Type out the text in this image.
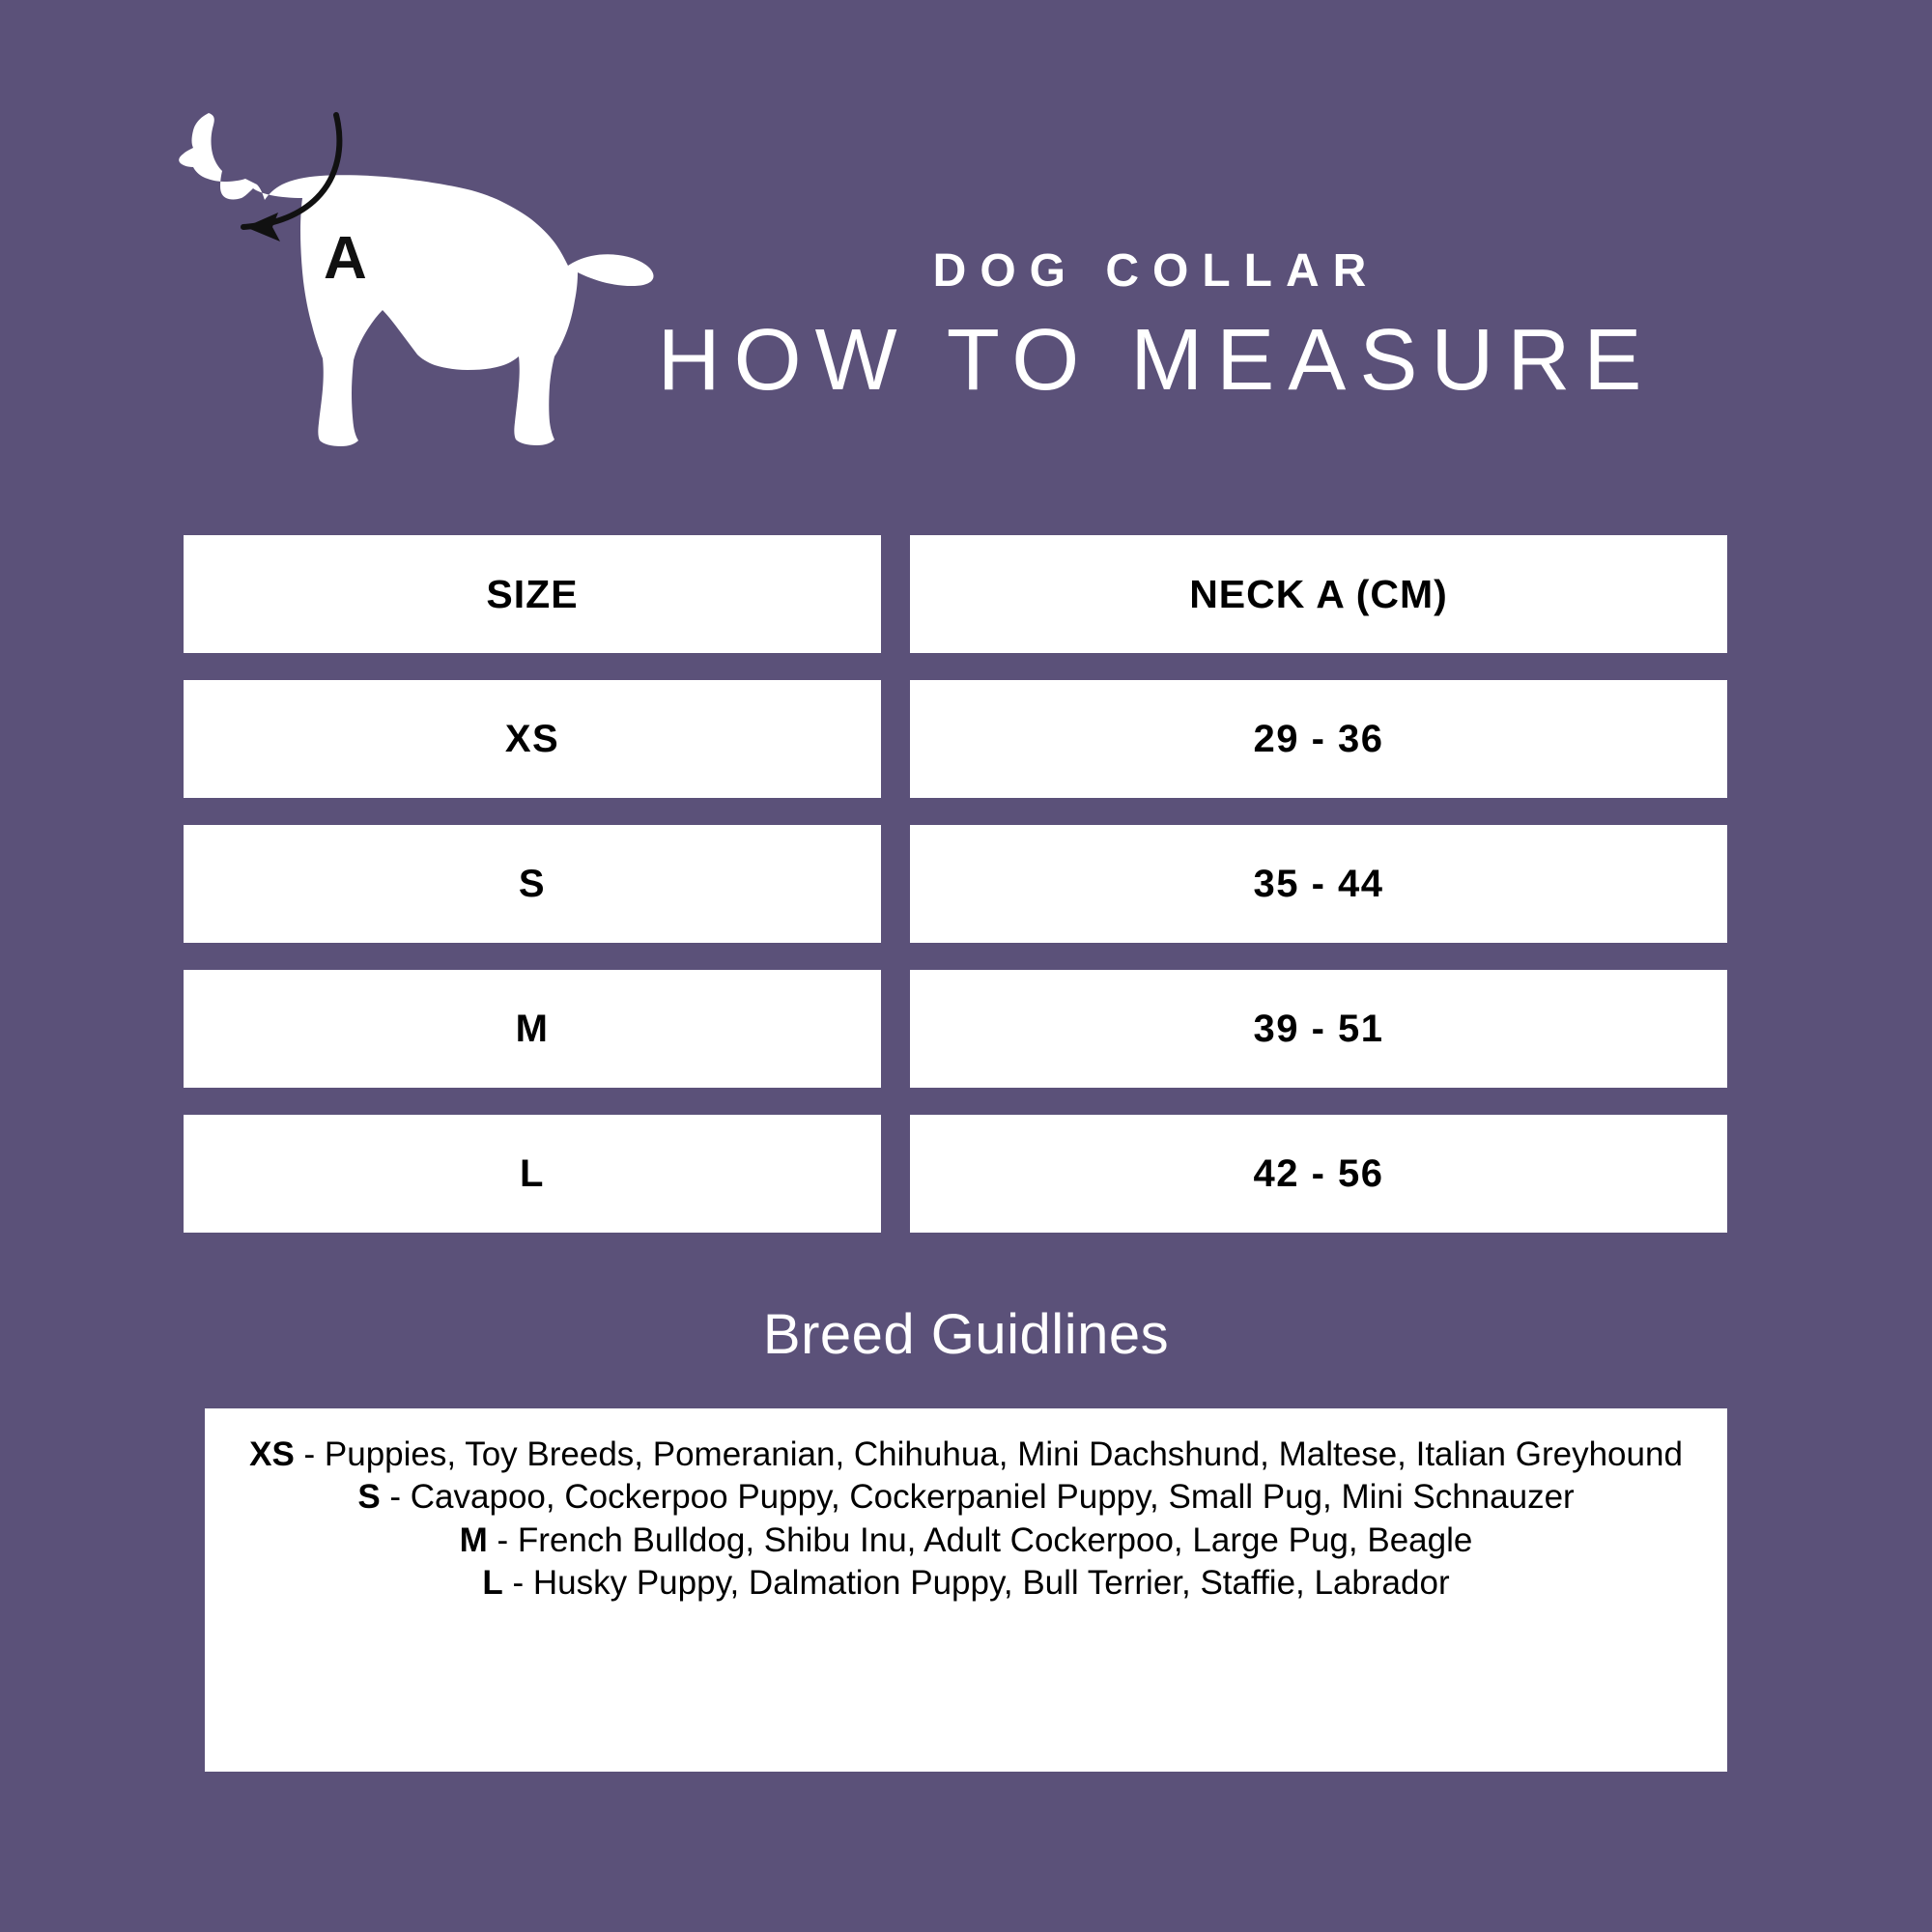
A	DOG COLLAR
HOW TO MEASURE
SIZE	NECK A (CM)
XS	29 - 36
S	35 - 44
M	39 - 51
L	42 - 56
Breed Guidlines
XS - Puppies, Toy Breeds, Pomeranian, Chihuhua, Mini Dachshund, Maltese, Italian Greyhound
S - Cavapoo, Cockerpoo Puppy, Cockerpaniel Puppy, Small Pug, Mini Schnauzer
M - French Bulldog, Shibu Inu, Adult Cockerpoo, Large Pug, Beagle
L - Husky Puppy, Dalmation Puppy, Bull Terrier, Staffie, Labrador
